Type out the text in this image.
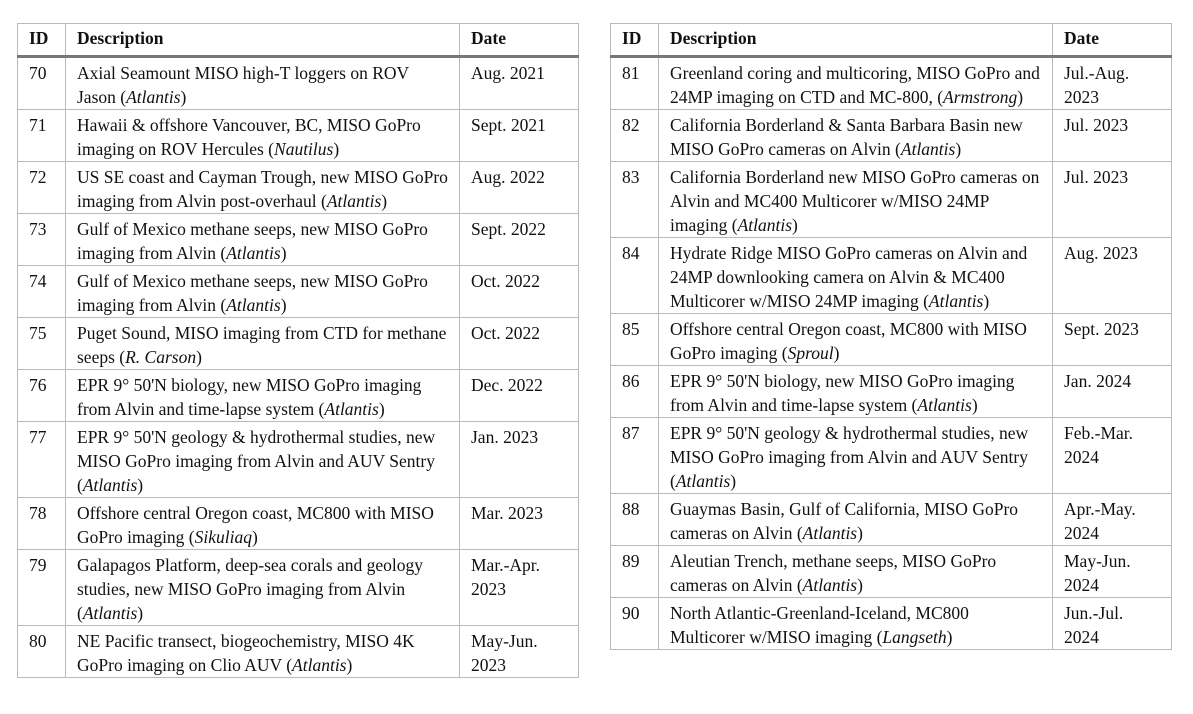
ID	Description	Date
70	Axial Seamount MISO high-T loggers on ROV Jason (Atlantis)	Aug. 2021
71	Hawaii & offshore Vancouver, BC, MISO GoPro imaging on ROV Hercules (Nautilus)	Sept. 2021
72	US SE coast and Cayman Trough, new MISO GoPro imaging from Alvin post-overhaul (Atlantis)	Aug. 2022
73	Gulf of Mexico methane seeps, new MISO GoPro imaging from Alvin (Atlantis)	Sept. 2022
74	Gulf of Mexico methane seeps, new MISO GoPro imaging from Alvin (Atlantis)	Oct. 2022
75	Puget Sound, MISO imaging from CTD for methane seeps (R. Carson)	Oct. 2022
76	EPR 9° 50'N biology, new MISO GoPro imaging from Alvin and time-lapse system (Atlantis)	Dec. 2022
77	EPR 9° 50'N geology & hydrothermal studies, new MISO GoPro imaging from Alvin and AUV Sentry (Atlantis)	Jan. 2023
78	Offshore central Oregon coast, MC800 with MISO GoPro imaging (Sikuliaq)	Mar. 2023
79	Galapagos Platform, deep-sea corals and geology studies, new MISO GoPro imaging from Alvin (Atlantis)	Mar.-Apr. 2023
80	NE Pacific transect, biogeochemistry, MISO 4K GoPro imaging on Clio AUV (Atlantis)	May-Jun. 2023
ID	Description	Date
81	Greenland coring and multicoring, MISO GoPro and 24MP imaging on CTD and MC-800, (Armstrong)	Jul.-Aug. 2023
82	California Borderland & Santa Barbara Basin new MISO GoPro cameras on Alvin (Atlantis)	Jul. 2023
83	California Borderland new MISO GoPro cameras on Alvin and MC400 Multicorer w/MISO 24MP imaging (Atlantis)	Jul. 2023
84	Hydrate Ridge MISO GoPro cameras on Alvin and 24MP downlooking camera on Alvin & MC400 Multicorer w/MISO 24MP imaging (Atlantis)	Aug. 2023
85	Offshore central Oregon coast, MC800 with MISO GoPro imaging (Sproul)	Sept. 2023
86	EPR 9° 50'N biology, new MISO GoPro imaging from Alvin and time-lapse system (Atlantis)	Jan. 2024
87	EPR 9° 50'N geology & hydrothermal studies, new MISO GoPro imaging from Alvin and AUV Sentry (Atlantis)	Feb.-Mar. 2024
88	Guaymas Basin, Gulf of California, MISO GoPro cameras on Alvin (Atlantis)	Apr.-May. 2024
89	Aleutian Trench, methane seeps, MISO GoPro cameras on Alvin (Atlantis)	May-Jun. 2024
90	North Atlantic-Greenland-Iceland, MC800 Multicorer w/MISO imaging (Langseth)	Jun.-Jul. 2024
